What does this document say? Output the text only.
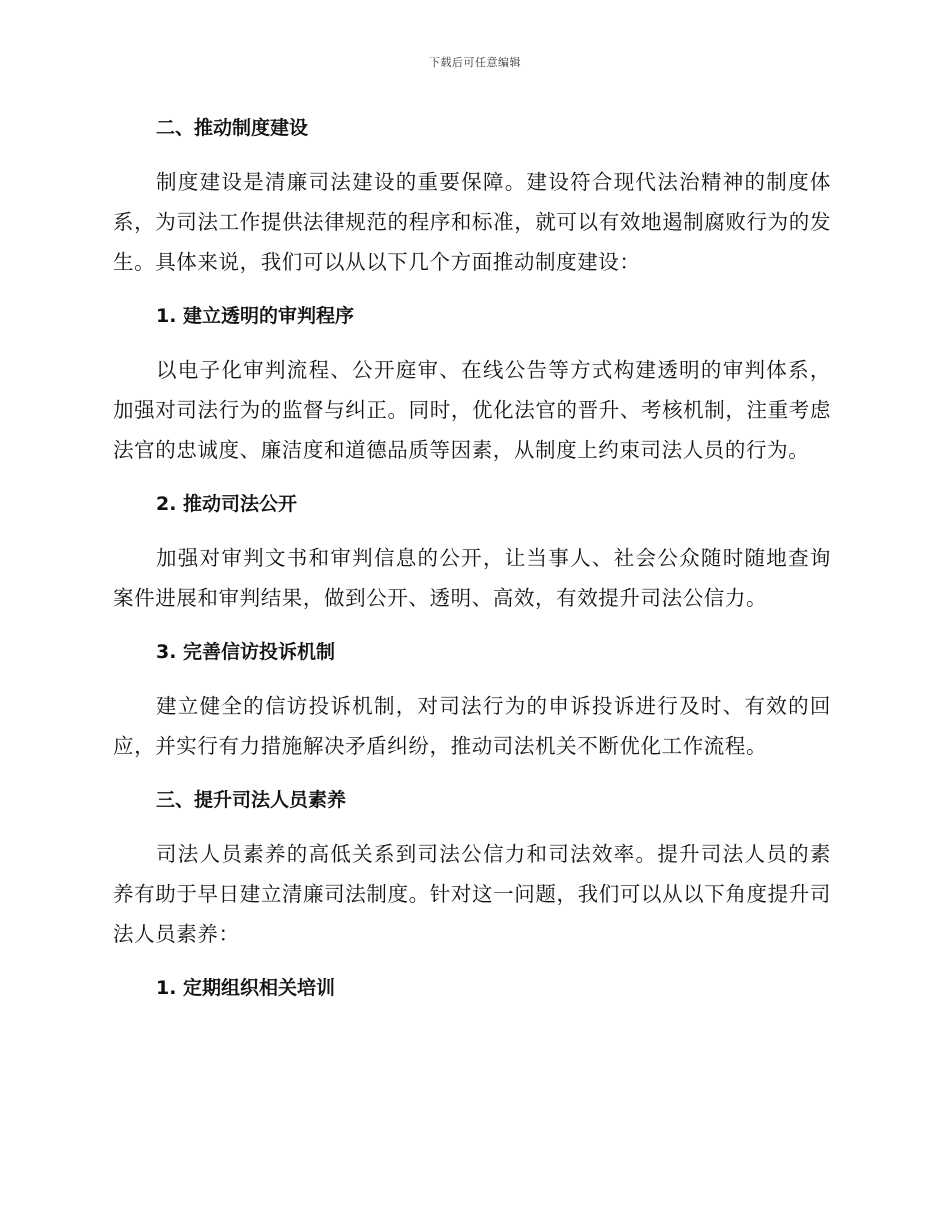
下载后可任意编辑
二、推动制度建设
制度建设是清廉司法建设的重要保障。建设符合现代法治精神的制度体系，为司法工作提供法律规范的程序和标准，就可以有效地遏制腐败行为的发生。具体来说，我们可以从以下几个方面推动制度建设：
1. 建立透明的审判程序
以电子化审判流程、公开庭审、在线公告等方式构建透明的审判体系，加强对司法行为的监督与纠正。同时，优化法官的晋升、考核机制，注重考虑法官的忠诚度、廉洁度和道德品质等因素，从制度上约束司法人员的行为。
2. 推动司法公开
加强对审判文书和审判信息的公开，让当事人、社会公众随时随地查询案件进展和审判结果，做到公开、透明、高效，有效提升司法公信力。
3. 完善信访投诉机制
建立健全的信访投诉机制，对司法行为的申诉投诉进行及时、有效的回应，并实行有力措施解决矛盾纠纷，推动司法机关不断优化工作流程。
三、提升司法人员素养
司法人员素养的高低关系到司法公信力和司法效率。提升司法人员的素养有助于早日建立清廉司法制度。针对这一问题，我们可以从以下角度提升司法人员素养：
1. 定期组织相关培训
